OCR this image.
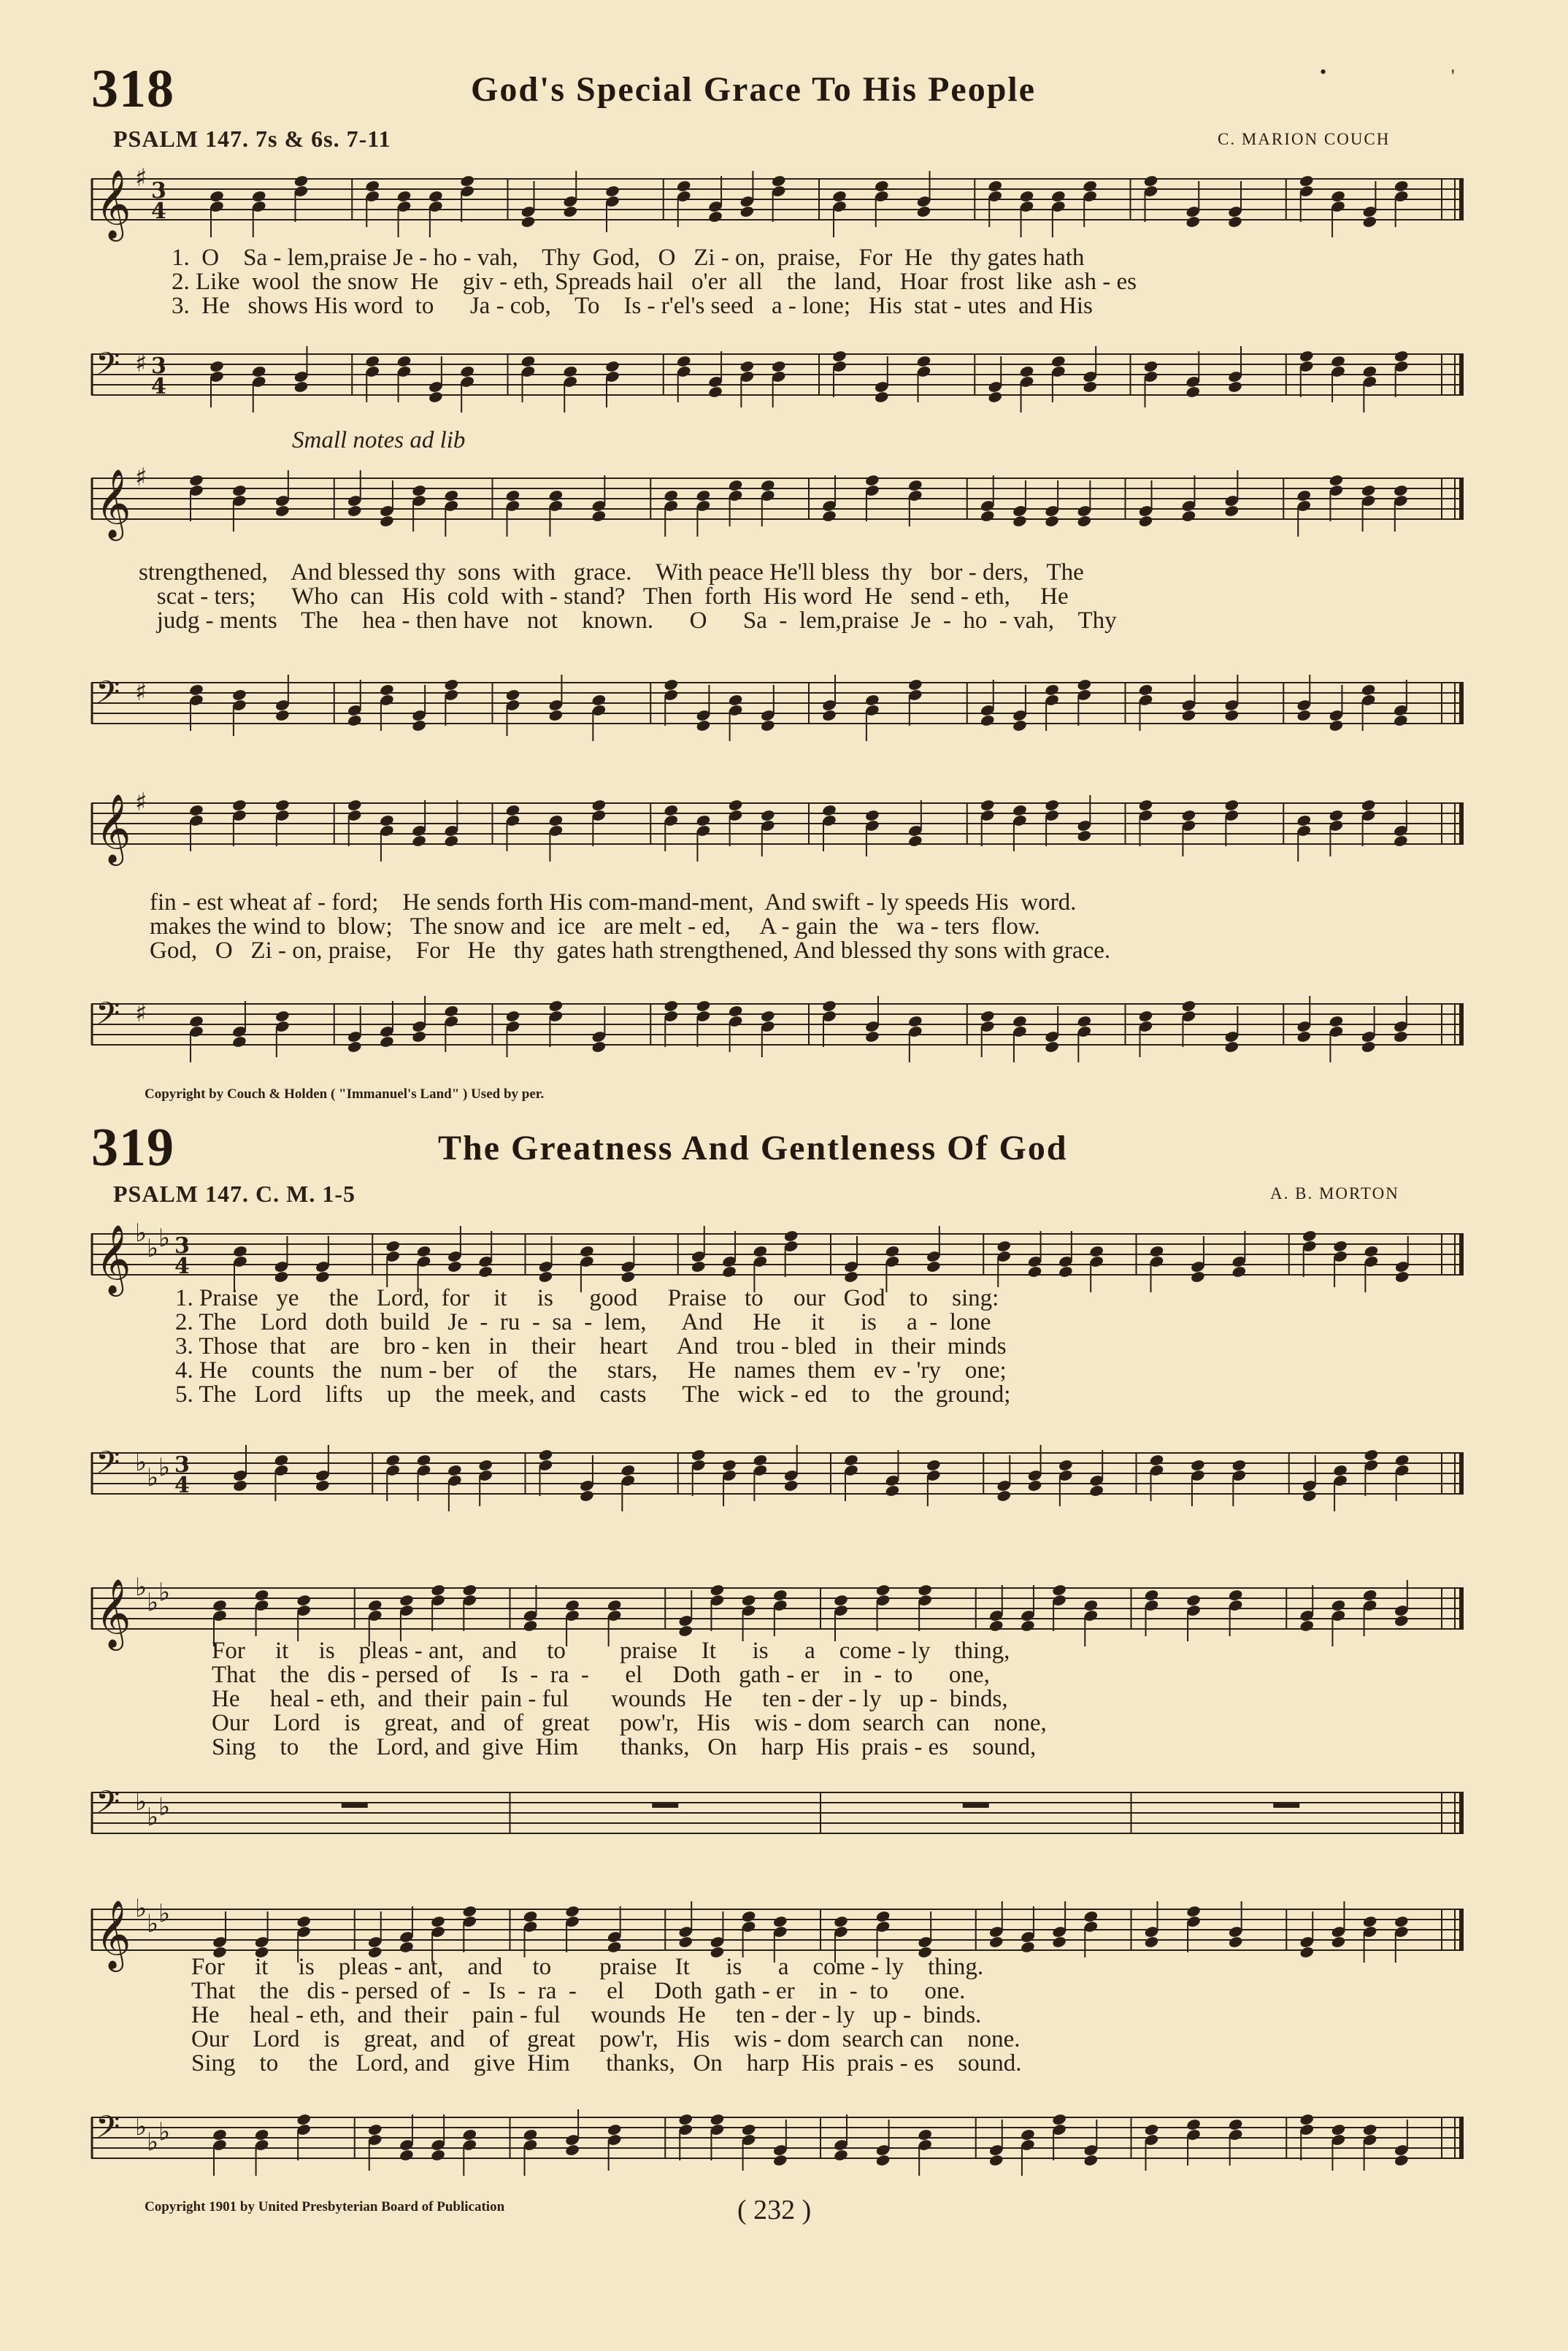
318	God's Special Grace To His People	•	'
PSALM 147. 7s & 6s. 7-11	C. MARION COUCH
𝄞 ♯ 3
4
1.  O    Sa - lem,praise Je - ho - vah,    Thy  God,   O   Zi - on,  praise,   For  He   thy gates hath
2. Like  wool  the snow  He    giv - eth, Spreads hail   o'er  all    the   land,   Hoar  frost  like  ash - es
3.  He   shows His word  to      Ja - cob,    To    Is - r'el's seed   a - lone;   His  stat - utes  and His
𝄢 ♯ 3
4
Small notes ad lib
𝄞 ♯
strengthened,    And blessed thy  sons  with   grace.    With peace He'll bless  thy   bor - ders,   The
scat - ters;      Who  can   His  cold  with - stand?   Then  forth  His word  He   send - eth,     He
judg - ments    The    hea - then have   not    known.      O      Sa  -  lem,praise  Je  -  ho  - vah,    Thy
𝄢 ♯
𝄞 ♯
fin - est wheat af - ford;    He sends forth His com-mand-ment,  And swift - ly speeds His  word.
makes the wind to  blow;   The snow and  ice   are melt - ed,     A - gain  the   wa - ters  flow.
God,   O   Zi - on, praise,    For   He   thy  gates hath strengthened, And blessed thy sons with grace.
𝄢 ♯
Copyright by Couch & Holden ( "Immanuel's Land" ) Used by per.
319	The Greatness And Gentleness Of God
PSALM 147. C. M. 1-5	A. B. MORTON
𝄞 ♭
♭ ♭ 3
4
1. Praise   ye     the   Lord,  for    it     is      good     Praise   to     our   God    to    sing:
2. The    Lord   doth  build   Je  -  ru  -  sa  -  lem,      And     He     it      is     a  -  lone
3. Those  that    are    bro - ken   in    their    heart     And   trou - bled   in   their  minds
4. He    counts   the   num - ber    of     the     stars,     He   names  them   ev - 'ry    one;
5. The   Lord    lifts    up    the  meek, and    casts      The   wick - ed    to    the  ground;
𝄢 ♭
♭ ♭ 3
4
𝄞 ♭
♭ ♭
For     it     is    pleas - ant,   and     to         praise    It      is      a    come - ly    thing,
That    the   dis - persed  of     Is  -  ra  -      el     Doth   gath - er    in  -  to      one,
He     heal - eth,  and  their  pain - ful       wounds   He     ten - der - ly   up -  binds,
Our    Lord    is    great,  and   of   great     pow'r,   His    wis - dom  search  can    none,
Sing    to     the   Lord, and  give  Him       thanks,   On    harp  His  prais - es    sound,
𝄢 ♭
♭ ♭
𝄞 ♭
♭ ♭
For     it     is    pleas - ant,    and     to        praise   It      is      a    come - ly    thing.
That    the   dis - persed  of  -   Is  -  ra  -     el     Doth  gath - er    in  -  to      one.
He     heal - eth,  and  their    pain - ful     wounds  He     ten - der - ly   up -  binds.
Our    Lord    is    great,  and    of   great    pow'r,   His    wis - dom  search can    none.
Sing    to     the   Lord, and    give  Him      thanks,   On    harp  His  prais - es    sound.
𝄢 ♭
♭ ♭
Copyright 1901 by United Presbyterian Board of Publication	( 232 )
